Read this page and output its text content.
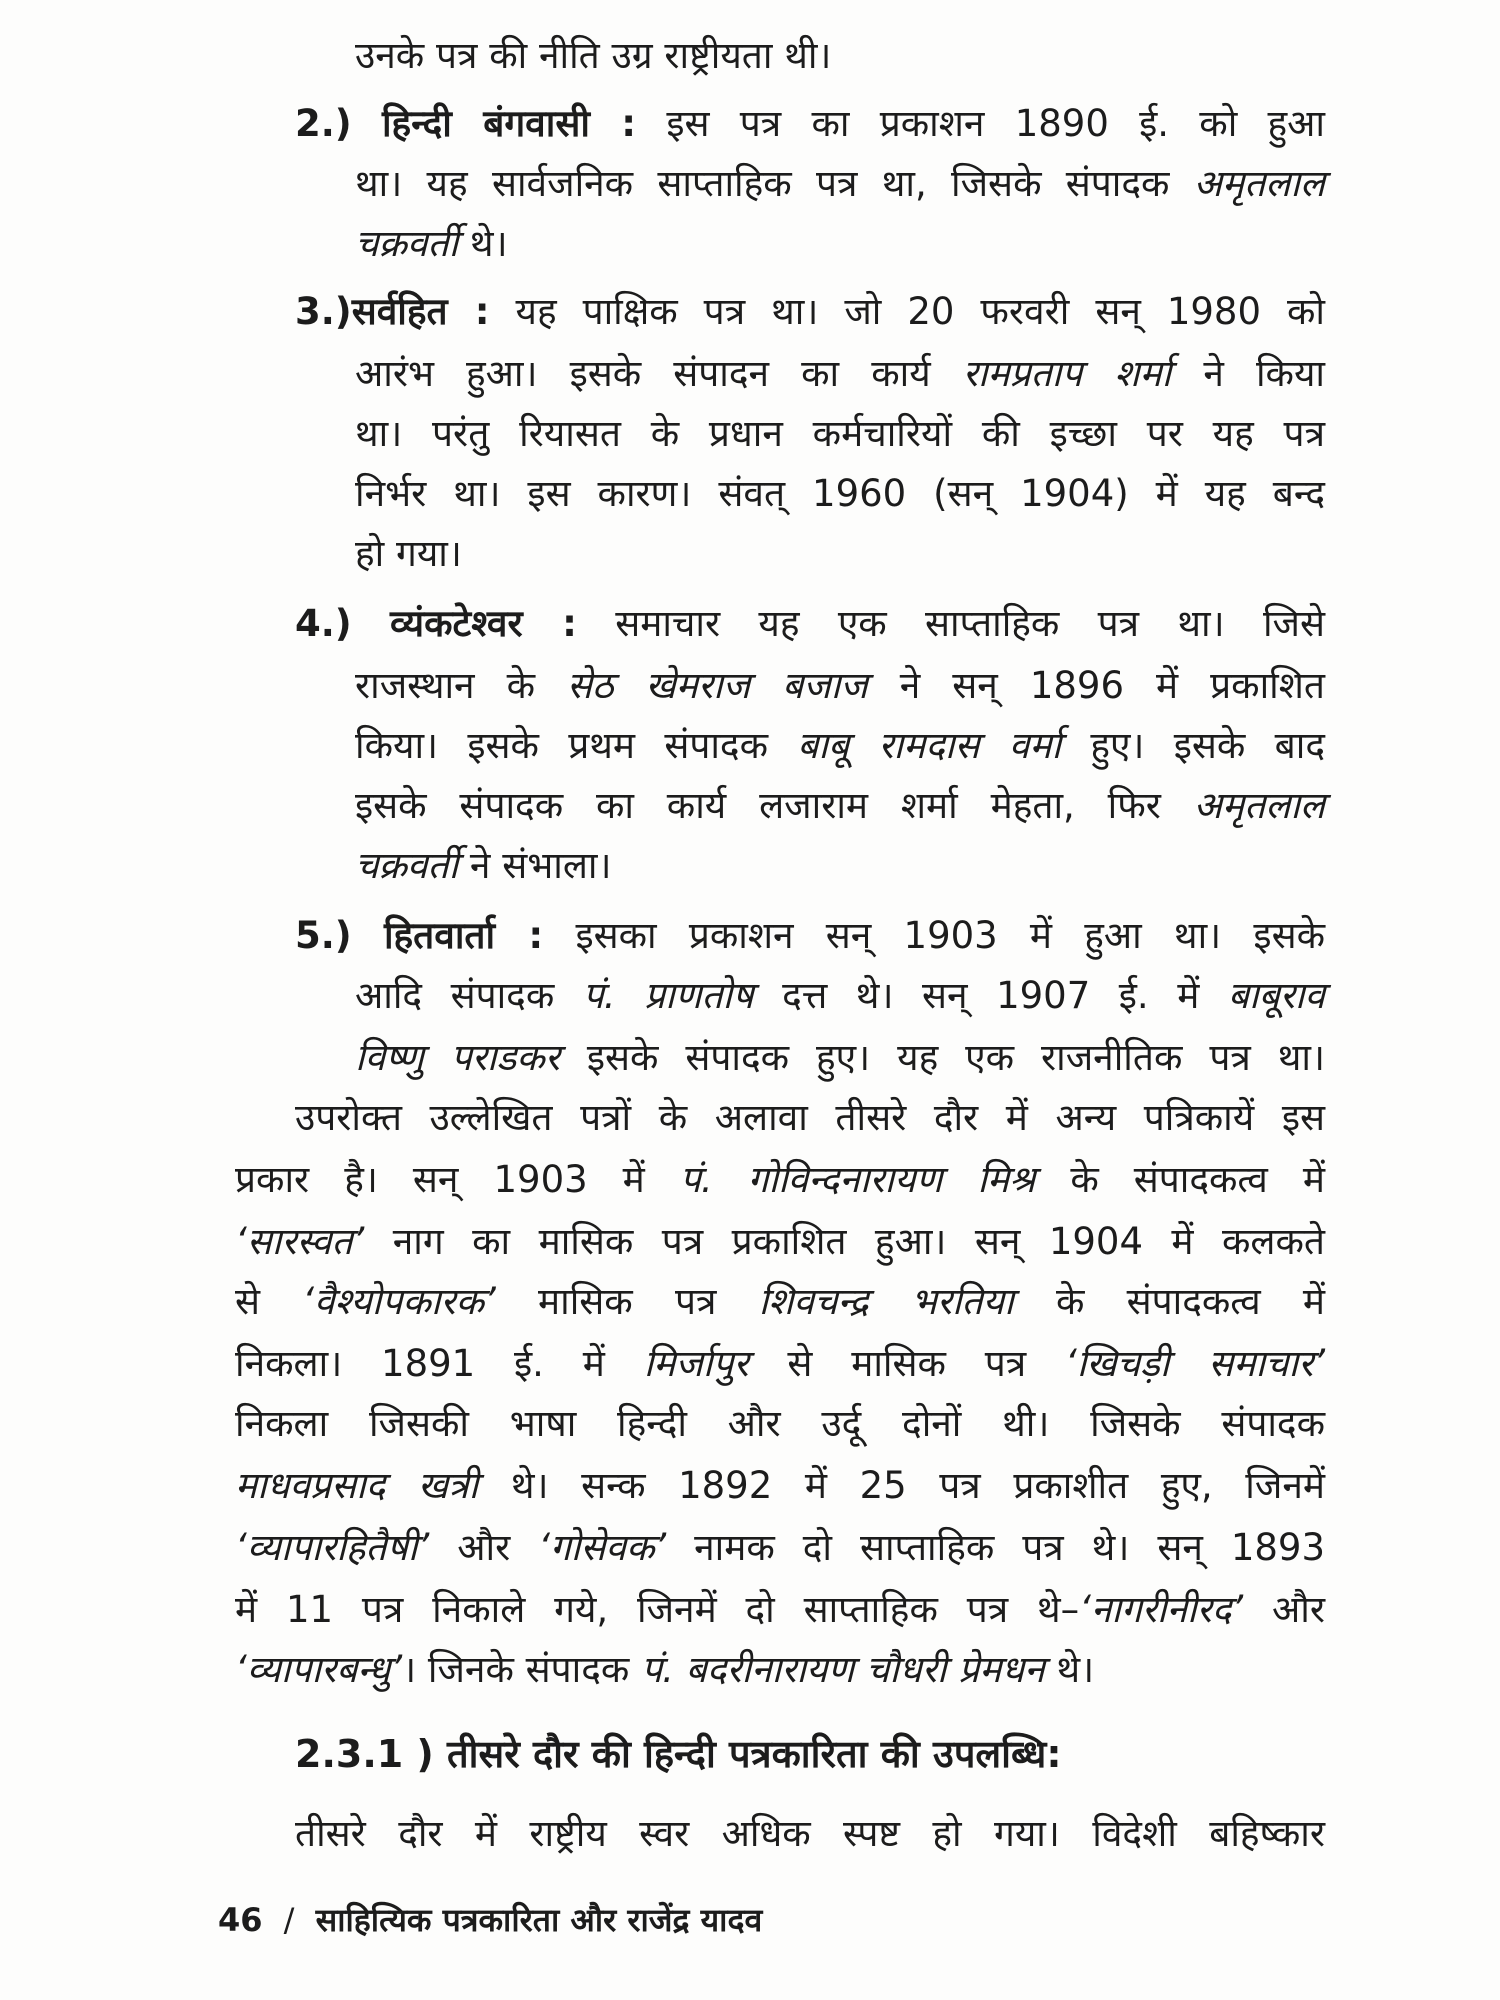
उनके पत्र की नीति उग्र राष्ट्रीयता थी।
2.) हिन्दी बंगवासी : इस पत्र का प्रकाशन 1890 ई. को हुआ
था। यह सार्वजनिक साप्ताहिक पत्र था, जिसके संपादक अमृतलाल
चक्रवर्ती थे।
3.)सर्वहित : यह पाक्षिक पत्र था। जो 20 फरवरी सन् 1980 को
आरंभ हुआ। इसके संपादन का कार्य रामप्रताप शर्मा ने किया
था। परंतु रियासत के प्रधान कर्मचारियों की इच्छा पर यह पत्र
निर्भर था। इस कारण। संवत् 1960 (सन् 1904) में यह बन्द
हो गया।
4.) व्यंकटेश्वर : समाचार यह एक साप्ताहिक पत्र था। जिसे
राजस्थान के सेठ खेमराज बजाज ने सन् 1896 में प्रकाशित
किया। इसके प्रथम संपादक बाबू रामदास वर्मा हुए। इसके बाद
इसके संपादक का कार्य लजाराम शर्मा मेहता, फिर अमृतलाल
चक्रवर्ती ने संभाला।
5.) हितवार्ता : इसका प्रकाशन सन् 1903 में हुआ था। इसके
आदि संपादक पं. प्राणतोष दत्त थे। सन् 1907 ई. में बाबूराव
विष्णु पराडकर इसके संपादक हुए। यह एक राजनीतिक पत्र था।
उपरोक्त उल्लेखित पत्रों के अलावा तीसरे दौर में अन्य पत्रिकायें इस
प्रकार है। सन् 1903 में पं. गोविन्दनारायण मिश्र के संपादकत्व में
‘सारस्वत’ नाग का मासिक पत्र प्रकाशित हुआ। सन् 1904 में कलकते
से ‘वैश्योपकारक’ मासिक पत्र शिवचन्द्र भरतिया के संपादकत्व में
निकला। 1891 ई. में मिर्जापुर से मासिक पत्र ‘खिचड़ी समाचार’
निकला जिसकी भाषा हिन्दी और उर्दू दोनों थी। जिसके संपादक
माधवप्रसाद खत्री थे। सन्क 1892 में 25 पत्र प्रकाशीत हुए, जिनमें
‘व्यापारहितैषी’ और ‘गोसेवक’ नामक दो साप्ताहिक पत्र थे। सन् 1893
में 11 पत्र निकाले गये, जिनमें दो साप्ताहिक पत्र थे–‘नागरीनीरद’ और
‘व्यापारबन्धु’। जिनके संपादक पं. बदरीनारायण चौधरी प्रेमधन थे।
2.3.1 ) तीसरे दौर की हिन्दी पत्रकारिता की उपलब्धि:
तीसरे दौर में राष्ट्रीय स्वर अधिक स्पष्ट हो गया। विदेशी बहिष्कार
46 / साहित्यिक पत्रकारिता और राजेंद्र यादव
